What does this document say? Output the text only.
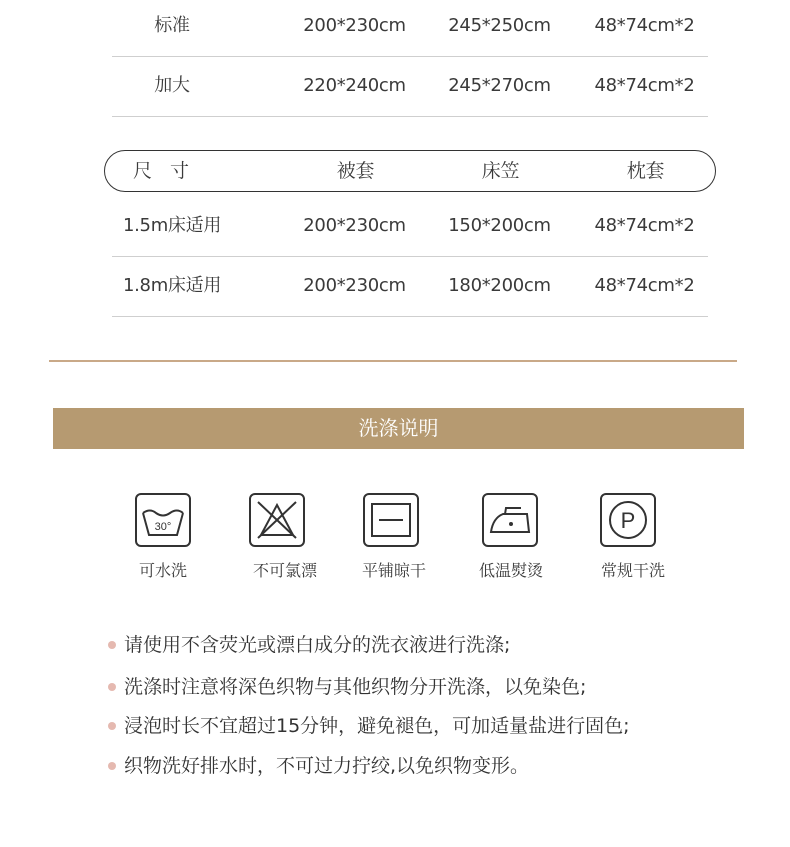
标准	200*230cm	245*250cm	48*74cm*2
加大	220*240cm	245*270cm	48*74cm*2
尺寸	被套	床笠	枕套
1.5m床适用	200*230cm	150*200cm	48*74cm*2
1.8m床适用	200*230cm	180*200cm	48*74cm*2
洗涤说明
30°
可水洗	不可氯漂	平铺晾干	低温熨烫
P
常规干洗
请使用不含荧光或漂白成分的洗衣液进行洗涤;
洗涤时注意将深色织物与其他织物分开洗涤，以免染色;
浸泡时长不宜超过15分钟，避免褪色，可加适量盐进行固色;
织物洗好排水时，不可过力拧绞,以免织物变形。
